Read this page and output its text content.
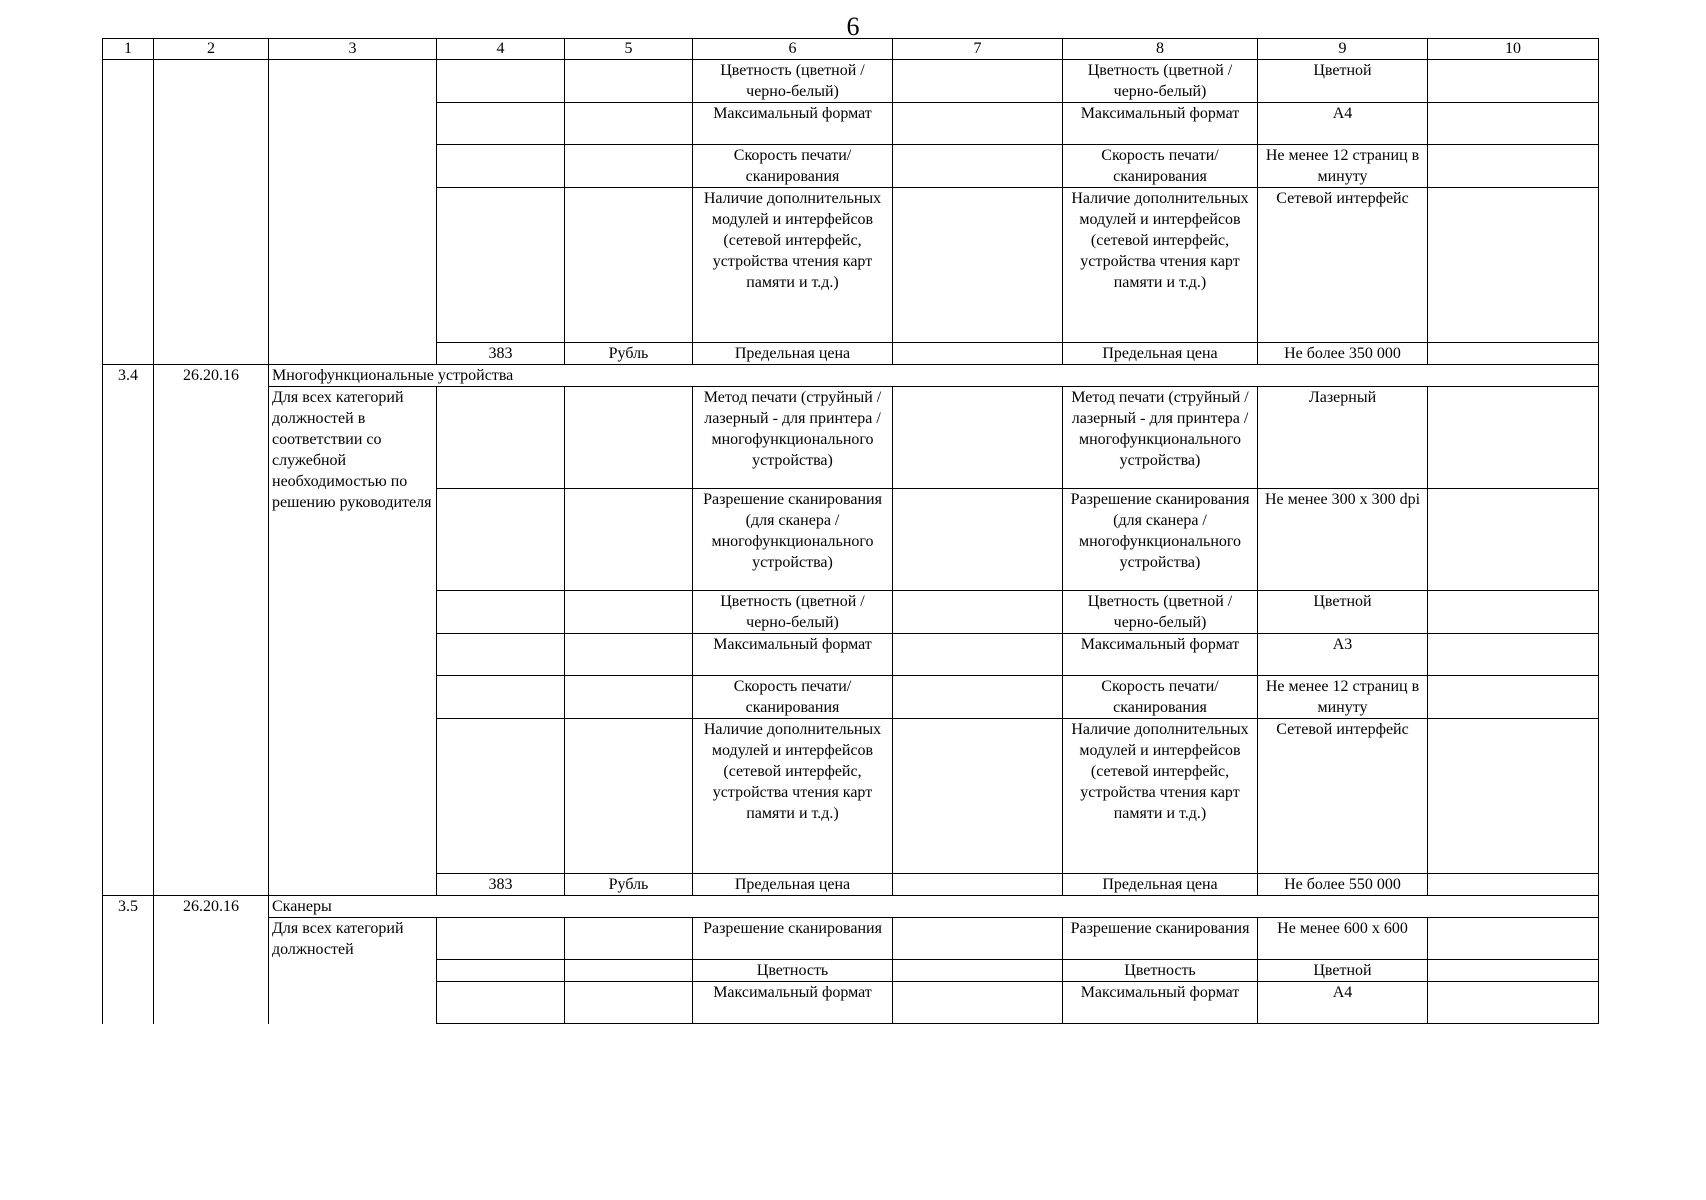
6
1	2	3	4	5	6	7	8	9	10
					Цветность (цветной / черно-белый)		Цветность (цветной / черно-белый)	Цветной	
					Максимальный формат		Максимальный формат	А4	
					Скорость печати/сканирования		Скорость печати/сканирования	Не менее 12 страниц в минуту	
					Наличие дополнительных модулей и интерфейсов (сетевой интерфейс, устройства чтения карт памяти и т.д.)		Наличие дополнительных модулей и интерфейсов (сетевой интерфейс, устройства чтения карт памяти и т.д.)	Сетевой интерфейс	
			383	Рубль	Предельная цена		Предельная цена	Не более 350 000	

3.4	26.20.16	Многофункциональные устройства							
		Для всех категорий должностей в соответствии со служебной необходимостью по решению руководителя			Метод печати (струйный / лазерный - для принтера / многофункционального устройства)		Метод печати (струйный / лазерный - для принтера / многофункционального устройства)	Лазерный	
					Разрешение сканирования (для сканера / многофункционального устройства)		Разрешение сканирования (для сканера / многофункционального устройства)	Не менее 300 х 300 dpi	
					Цветность (цветной / черно-белый)		Цветность (цветной / черно-белый)	Цветной	
					Максимальный формат		Максимальный формат	А3	
					Скорость печати/сканирования		Скорость печати/сканирования	Не менее 12 страниц в минуту	
					Наличие дополнительных модулей и интерфейсов (сетевой интерфейс, устройства чтения карт памяти и т.д.)		Наличие дополнительных модулей и интерфейсов (сетевой интерфейс, устройства чтения карт памяти и т.д.)	Сетевой интерфейс	
			383	Рубль	Предельная цена		Предельная цена	Не более 550 000	
3.5	26.20.16	Сканеры							
		Для всех категорий должностей			Разрешение сканирования		Разрешение сканирования	Не менее 600 х 600	
					Цветность		Цветность	Цветной	
					Максимальный формат		Максимальный формат	А4	
